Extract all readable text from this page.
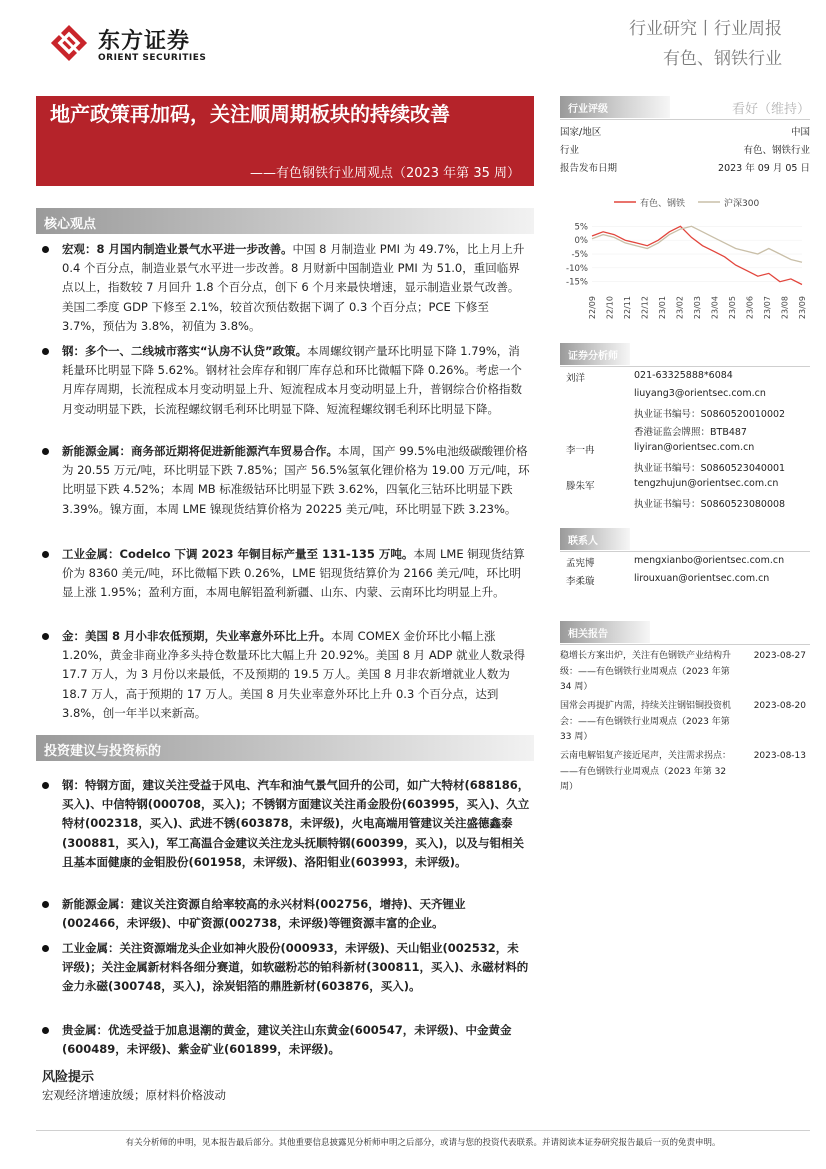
东方证券
ORIENT SECURITIES
行业研究丨行业周报
有色、钢铁行业
地产政策再加码，关注顺周期板块的持续改善
——有色钢铁行业周观点（2023 年第 35 周）
核心观点
宏观：8 月国内制造业景气水平进一步改善。中国 8 月制造业 PMI 为 49.7%，比上月上升 0.4 个百分点，制造业景气水平进一步改善。8 月财新中国制造业 PMI 为 51.0，重回临界点以上，指数较 7 月回升 1.8 个百分点，创下 6 个月来最快增速，显示制造业景气改善。美国二季度 GDP 下修至 2.1%，较首次预估数据下调了 0.3 个百分点；PCE 下修至 3.7%，预估为 3.8%，初值为 3.8%。
钢：多个一、二线城市落实“认房不认贷”政策。本周螺纹钢产量环比明显下降 1.79%，消耗量环比明显下降 5.62%。钢材社会库存和钢厂库存总和环比微幅下降 0.26%。考虑一个月库存周期，长流程成本月变动明显上升、短流程成本月变动明显上升，普钢综合价格指数月变动明显下跌，长流程螺纹钢毛利环比明显下降、短流程螺纹钢毛利环比明显下降。
新能源金属：商务部近期将促进新能源汽车贸易合作。本周，国产 99.5%电池级碳酸锂价格为 20.55 万元/吨，环比明显下跌 7.85%；国产 56.5%氢氧化锂价格为 19.00 万元/吨，环比明显下跌 4.52%；本周 MB 标准级钴环比明显下跌 3.62%，四氧化三钴环比明显下跌 3.39%。镍方面，本周 LME 镍现货结算价格为 20225 美元/吨，环比明显下跌 3.23%。
工业金属：Codelco 下调 2023 年铜目标产量至 131-135 万吨。本周 LME 铜现货结算价为 8360 美元/吨，环比微幅下跌 0.26%，LME 铝现货结算价为 2166 美元/吨，环比明显上涨 1.95%；盈利方面，本周电解铝盈利新疆、山东、内蒙、云南环比均明显上升。
金：美国 8 月小非农低预期，失业率意外环比上升。本周 COMEX 金价环比小幅上涨 1.20%，黄金非商业净多头持仓数量环比大幅上升 20.92%。美国 8 月 ADP 就业人数录得 17.7 万人，为 3 月份以来最低，不及预期的 19.5 万人。美国 8 月非农新增就业人数为 18.7 万人，高于预期的 17 万人。美国 8 月失业率意外环比上升 0.3 个百分点，达到 3.8%，创一年半以来新高。
投资建议与投资标的
钢：特钢方面，建议关注受益于风电、汽车和油气景气回升的公司，如广大特材(688186，买入)、中信特钢(000708，买入)；不锈钢方面建议关注甬金股份(603995，买入)、久立特材(002318，买入)、武进不锈(603878，未评级)，火电高端用管建议关注盛德鑫泰(300881，买入)，军工高温合金建议关注龙头抚顺特钢(600399，买入)，以及与钼相关且基本面健康的金钼股份(601958，未评级)、洛阳钼业(603993，未评级)。
新能源金属：建议关注资源自给率较高的永兴材料(002756，增持)、天齐锂业(002466，未评级)、中矿资源(002738，未评级)等锂资源丰富的企业。
工业金属：关注资源端龙头企业如神火股份(000933，未评级)、天山铝业(002532，未评级)；关注金属新材料各细分赛道，如软磁粉芯的铂科新材(300811，买入)、永磁材料的金力永磁(300748，买入)，涂炭铝箔的鼎胜新材(603876，买入)。
贵金属：优选受益于加息退潮的黄金，建议关注山东黄金(600547，未评级)、中金黄金(600489，未评级)、紫金矿业(601899，未评级)。
风险提示
宏观经济增速放缓；原材料价格波动
行业评级	看好（维持）
国家/地区	中国
行业	有色、钢铁行业
报告发布日期	2023 年 09 月 05 日
有色、钢铁	沪深300
5%
0%
-5%
-10%
-15%
22/09 22/10 22/11 22/12 23/01 23/02 23/03 23/04 23/05 23/06 23/07 23/08 23/09
证券分析师
刘洋	021-63325888*6084
liuyang3@orientsec.com.cn
执业证书编号：S0860520010002
香港证监会牌照：BTB487
李一冉	liyiran@orientsec.com.cn
执业证书编号：S0860523040001
滕朱军	tengzhujun@orientsec.com.cn
执业证书编号：S0860523080008
联系人
孟宪博	mengxianbo@orientsec.com.cn
李柔璇	lirouxuan@orientsec.com.cn
相关报告
稳增长方案出炉，关注有色钢铁产业结构升级：——有色钢铁行业周观点（2023 年第 34 周）
2023-08-27
国常会再提扩内需，持续关注钢铝铜投资机会：——有色钢铁行业周观点（2023 年第 33 周）
2023-08-20
云南电解铝复产接近尾声，关注需求拐点：——有色钢铁行业周观点（2023 年第 32 周）
2023-08-13
有关分析师的申明，见本报告最后部分。其他重要信息披露见分析师申明之后部分，或请与您的投资代表联系。并请阅读本证券研究报告最后一页的免责申明。
